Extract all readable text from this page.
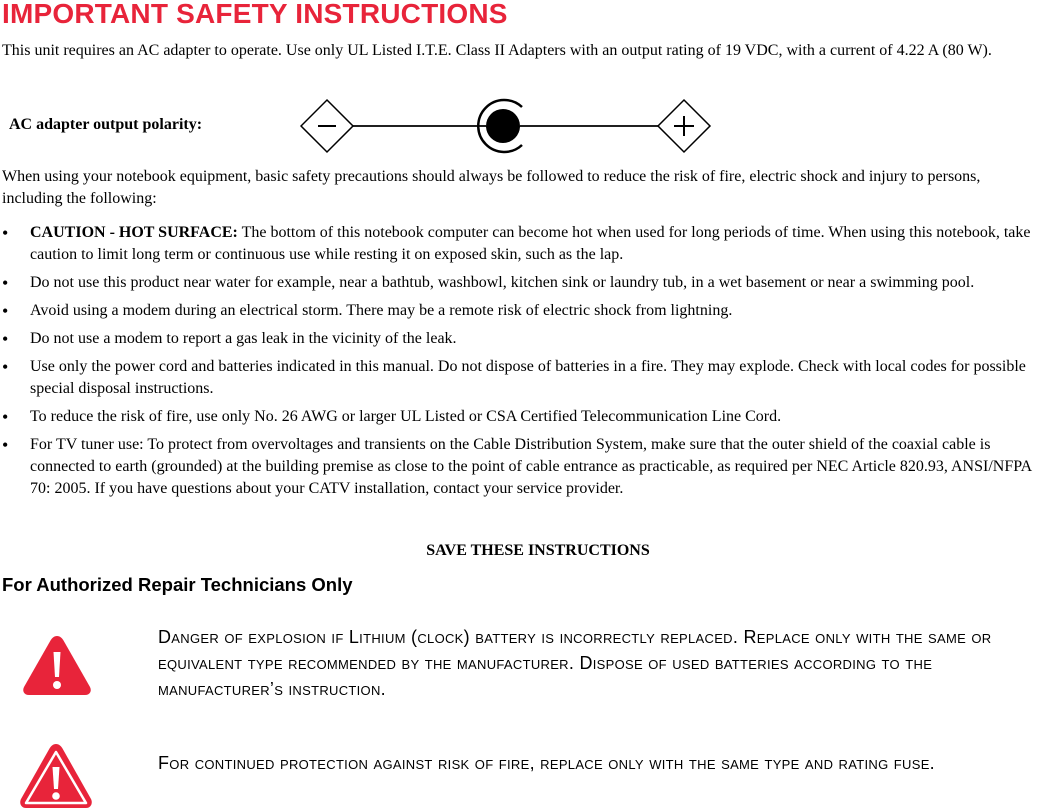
IMPORTANT SAFETY INSTRUCTIONS

This unit requires an AC adapter to operate. Use only UL Listed I.T.E. Class II Adapters with an output rating of 19 VDC, with a current of 4.22 A (80 W).

AC adapter output polarity:

When using your notebook equipment, basic safety precautions should always be followed to reduce the risk of fire, electric shock and injury to persons, including the following:

• CAUTION - HOT SURFACE: The bottom of this notebook computer can become hot when used for long periods of time. When using this notebook, take caution to limit long term or continuous use while resting it on exposed skin, such as the lap.
• Do not use this product near water for example, near a bathtub, washbowl, kitchen sink or laundry tub, in a wet basement or near a swimming pool.
• Avoid using a modem during an electrical storm. There may be a remote risk of electric shock from lightning.
• Do not use a modem to report a gas leak in the vicinity of the leak.
• Use only the power cord and batteries indicated in this manual. Do not dispose of batteries in a fire. They may explode. Check with local codes for possible special disposal instructions.
• To reduce the risk of fire, use only No. 26 AWG or larger UL Listed or CSA Certified Telecommunication Line Cord.
• For TV tuner use: To protect from overvoltages and transients on the Cable Distribution System, make sure that the outer shield of the coaxial cable is connected to earth (grounded) at the building premise as close to the point of cable entrance as practicable, as required per NEC Article 820.93, ANSI/NFPA 70: 2005. If you have questions about your CATV installation, contact your service provider.
SAVE THESE INSTRUCTIONS
For Authorized Repair Technicians Only
Danger of explosion if Lithium (clock) battery is incorrectly replaced. Replace only with the same or equivalent type recommended by the manufacturer. Dispose of used batteries according to the manufacturer’s instruction.
For continued protection against risk of fire, replace only with the same type and rating fuse.
